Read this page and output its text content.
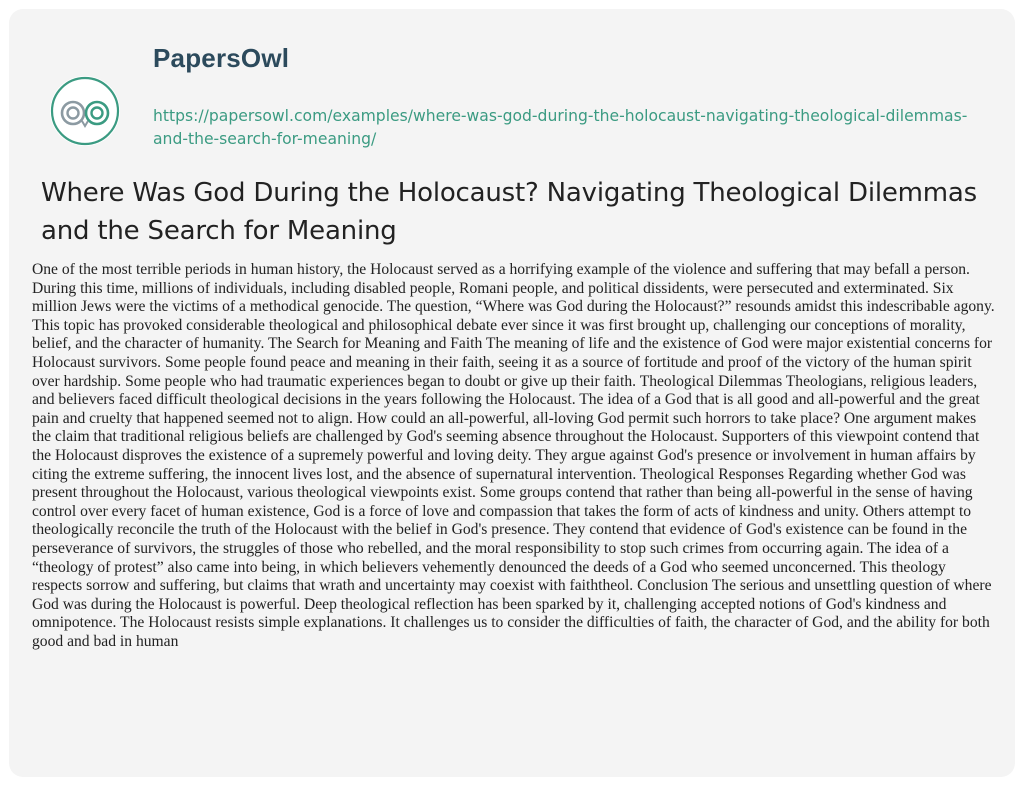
PapersOwl
https://papersowl.com/examples/where-was-god-during-the-holocaust-navigating-theological-dilemmas-and-the-search-for-meaning/
Where Was God During the Holocaust? Navigating Theological Dilemmas and the Search for Meaning

One of the most terrible periods in human history, the Holocaust served as a horrifying example of the violence and suffering that may befall a person. During this time, millions of individuals, including disabled people, Romani people, and political dissidents, were persecuted and exterminated. Six million Jews were the victims of a methodical genocide. The question, “Where was God during the Holocaust?” resounds amidst this indescribable agony. This topic has provoked considerable theological and philosophical debate ever since it was first brought up, challenging our conceptions of morality, belief, and the character of humanity. The Search for Meaning and Faith The meaning of life and the existence of God were major existential concerns for Holocaust survivors. Some people found peace and meaning in their faith, seeing it as a source of fortitude and proof of the victory of the human spirit over hardship. Some people who had traumatic experiences began to doubt or give up their faith. Theological Dilemmas Theologians, religious leaders, and believers faced difficult theological decisions in the years following the Holocaust. The idea of a God that is all good and all-powerful and the great pain and cruelty that happened seemed not to align. How could an all-powerful, all-loving God permit such horrors to take place? One argument makes the claim that traditional religious beliefs are challenged by God's seeming absence throughout the Holocaust. Supporters of this viewpoint contend that the Holocaust disproves the existence of a supremely powerful and loving deity. They argue against God's presence or involvement in human affairs by citing the extreme suffering, the innocent lives lost, and the absence of supernatural intervention. Theological Responses Regarding whether God was present throughout the Holocaust, various theological viewpoints exist. Some groups contend that rather than being all-powerful in the sense of having control over every facet of human existence, God is a force of love and compassion that takes the form of acts of kindness and unity. Others attempt to theologically reconcile the truth of the Holocaust with the belief in God's presence. They contend that evidence of God's existence can be found in the perseverance of survivors, the struggles of those who rebelled, and the moral responsibility to stop such crimes from occurring again. The idea of a “theology of protest” also came into being, in which believers vehemently denounced the deeds of a God who seemed unconcerned. This theology respects sorrow and suffering, but claims that wrath and uncertainty may coexist with faiththeol. Conclusion The serious and unsettling question of where God was during the Holocaust is powerful. Deep theological reflection has been sparked by it, challenging accepted notions of God's kindness and omnipotence. The Holocaust resists simple explanations. It challenges us to consider the difficulties of faith, the character of God, and the ability for both good and bad in human
